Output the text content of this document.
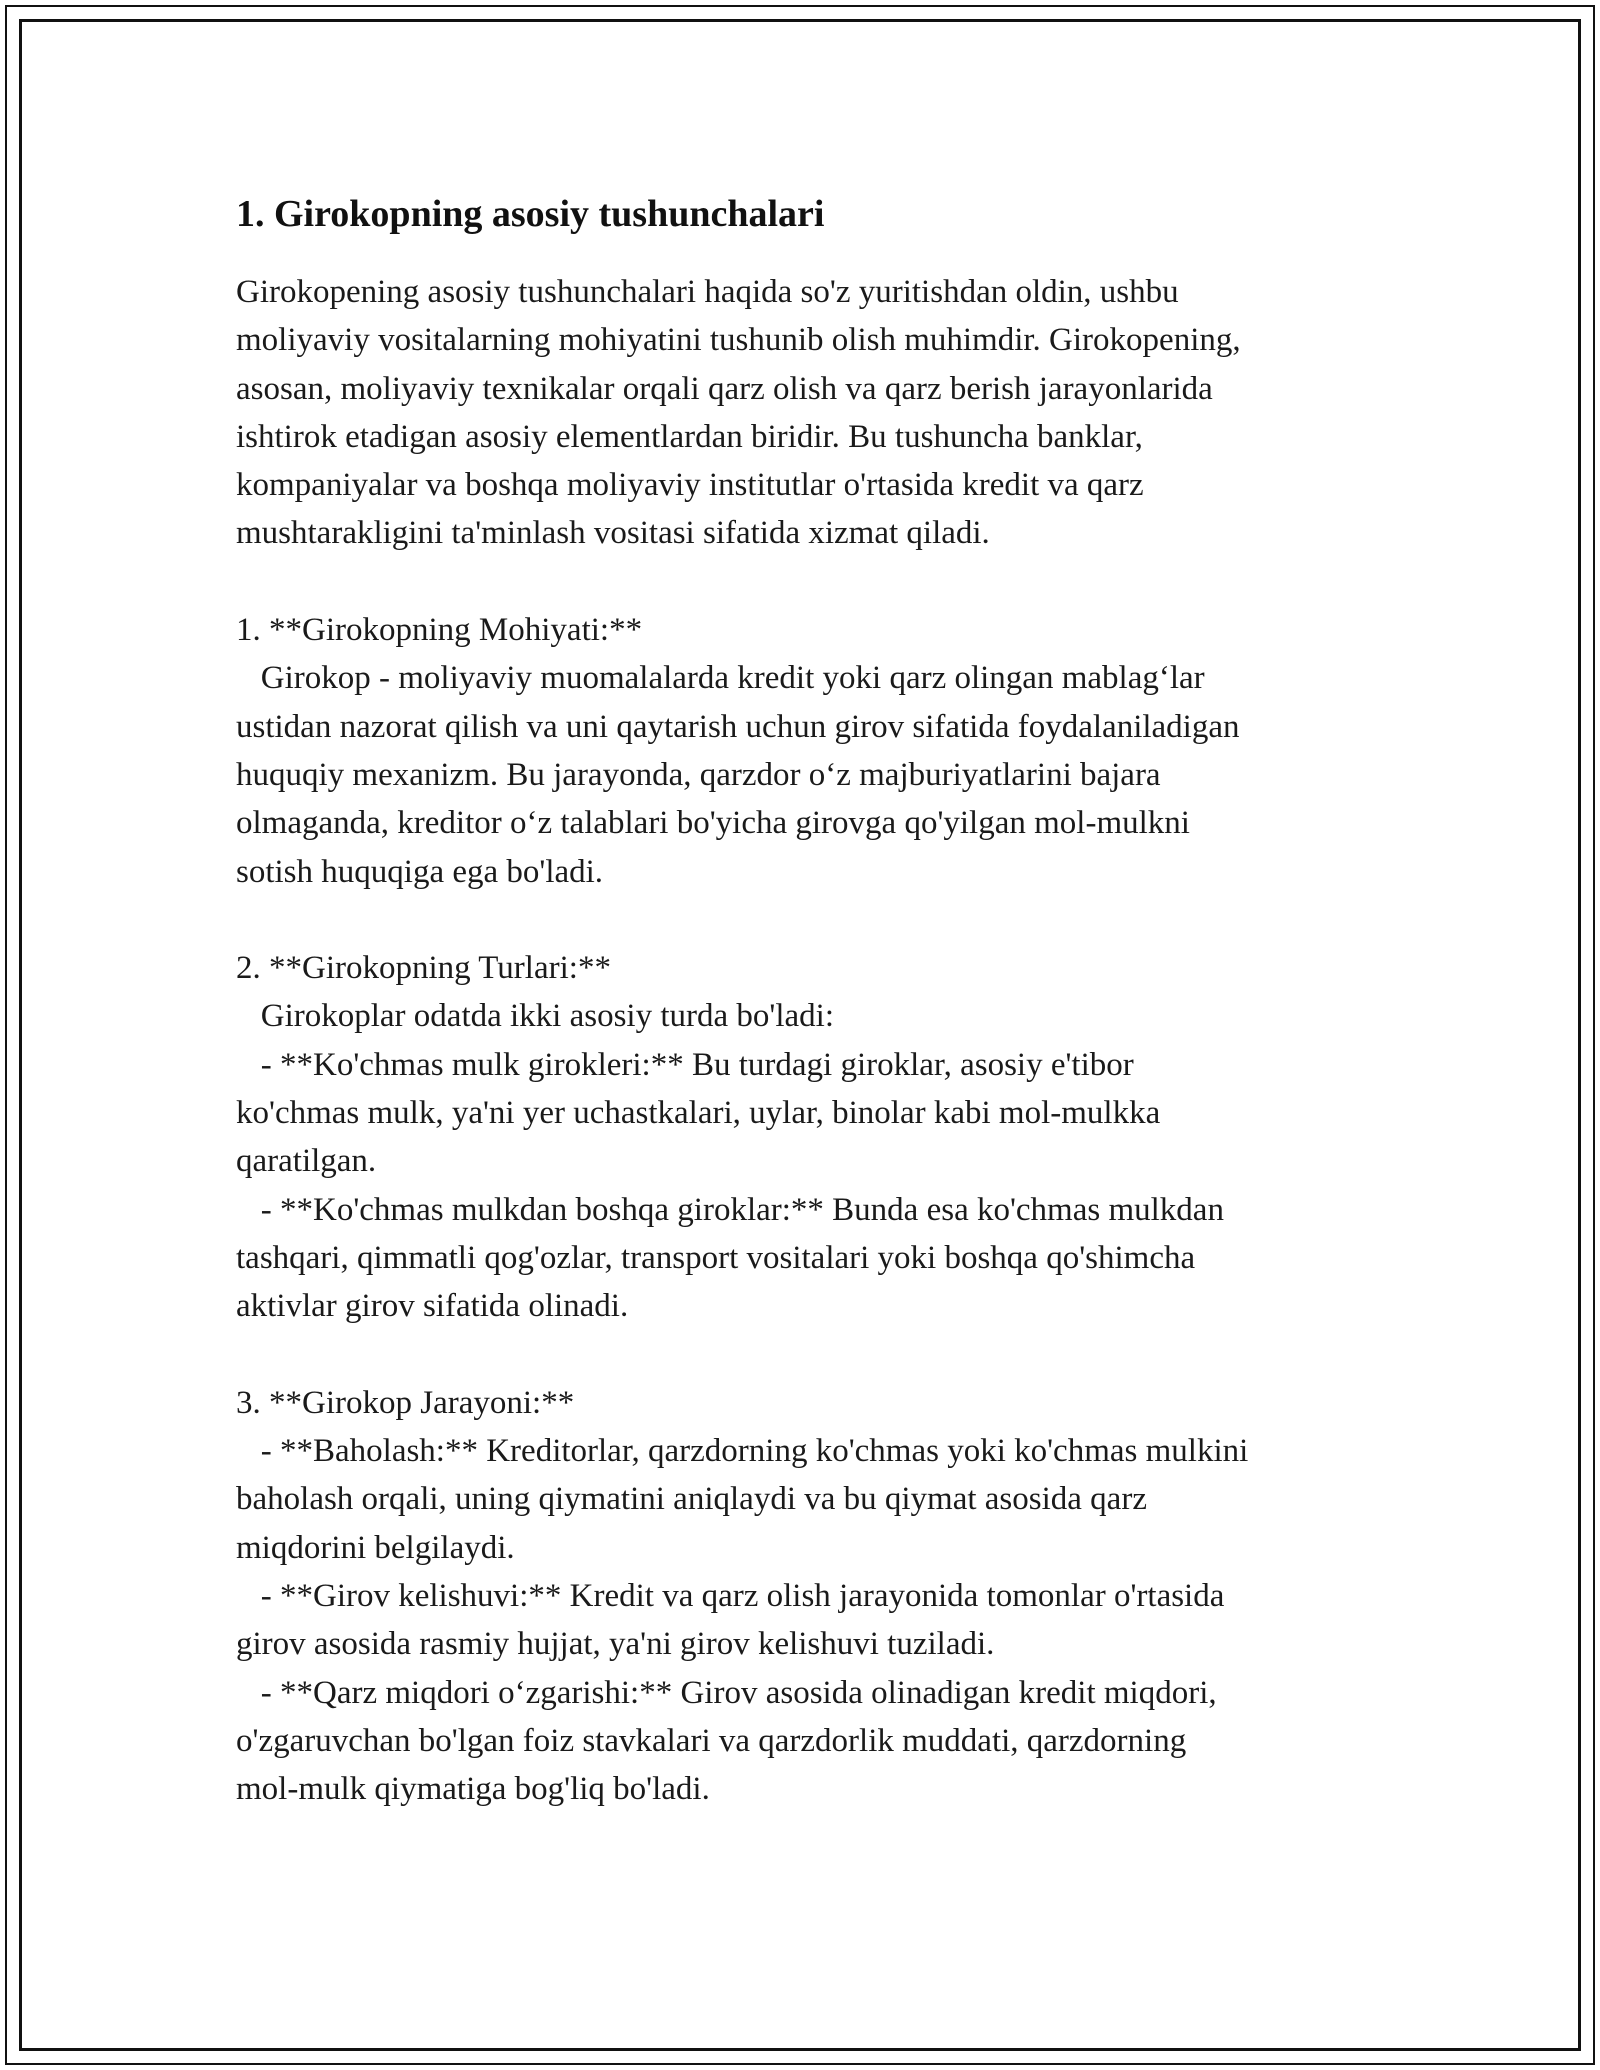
1. Girokopning asosiy tushunchalari

Girokopening asosiy tushunchalari haqida so'z yuritishdan oldin, ushbu
moliyaviy vositalarning mohiyatini tushunib olish muhimdir. Girokopening,
asosan, moliyaviy texnikalar orqali qarz olish va qarz berish jarayonlarida
ishtirok etadigan asosiy elementlardan biridir. Bu tushuncha banklar,
kompaniyalar va boshqa moliyaviy institutlar o'rtasida kredit va qarz
mushtarakligini ta'minlash vositasi sifatida xizmat qiladi.

1. **Girokopning Mohiyati:**
Girokop - moliyaviy muomalalarda kredit yoki qarz olingan mablag‘lar
ustidan nazorat qilish va uni qaytarish uchun girov sifatida foydalaniladigan
huquqiy mexanizm. Bu jarayonda, qarzdor o‘z majburiyatlarini bajara
olmaganda, kreditor o‘z talablari bo'yicha girovga qo'yilgan mol-mulkni
sotish huquqiga ega bo'ladi.

2. **Girokopning Turlari:**
Girokoplar odatda ikki asosiy turda bo'ladi:
- **Ko'chmas mulk girokleri:** Bu turdagi giroklar, asosiy e'tibor
ko'chmas mulk, ya'ni yer uchastkalari, uylar, binolar kabi mol-mulkka
qaratilgan.
- **Ko'chmas mulkdan boshqa giroklar:** Bunda esa ko'chmas mulkdan
tashqari, qimmatli qog'ozlar, transport vositalari yoki boshqa qo'shimcha
aktivlar girov sifatida olinadi.

3. **Girokop Jarayoni:**
- **Baholash:** Kreditorlar, qarzdorning ko'chmas yoki ko'chmas mulkini
baholash orqali, uning qiymatini aniqlaydi va bu qiymat asosida qarz
miqdorini belgilaydi.
- **Girov kelishuvi:** Kredit va qarz olish jarayonida tomonlar o'rtasida
girov asosida rasmiy hujjat, ya'ni girov kelishuvi tuziladi.
- **Qarz miqdori o‘zgarishi:** Girov asosida olinadigan kredit miqdori,
o'zgaruvchan bo'lgan foiz stavkalari va qarzdorlik muddati, qarzdorning
mol-mulk qiymatiga bog'liq bo'ladi.
